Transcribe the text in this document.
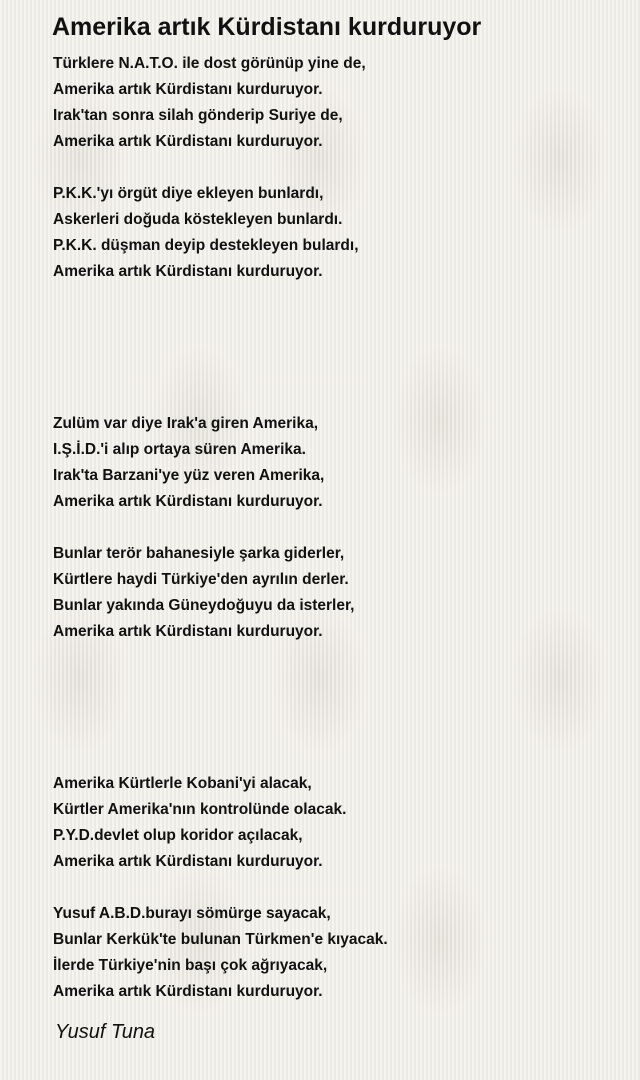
Amerika artık Kürdistanı kurduruyor
Türklere N.A.T.O. ile dost görünüp yine de,
Amerika artık Kürdistanı kurduruyor.
Irak'tan sonra silah gönderip Suriye de,
Amerika artık Kürdistanı kurduruyor.
P.K.K.'yı örgüt diye ekleyen bunlardı,
Askerleri doğuda köstekleyen bunlardı.
P.K.K. düşman deyip destekleyen bulardı,
Amerika artık Kürdistanı kurduruyor.
Zulüm var diye Irak'a giren Amerika,
I.Ş.İ.D.'i alıp ortaya süren Amerika.
Irak'ta Barzani'ye yüz veren Amerika,
Amerika artık Kürdistanı kurduruyor.
Bunlar terör bahanesiyle şarka giderler,
Kürtlere haydi Türkiye'den ayrılın derler.
Bunlar yakında Güneydoğuyu da isterler,
Amerika artık Kürdistanı kurduruyor.
Amerika Kürtlerle Kobani'yi alacak,
Kürtler Amerika'nın kontrolünde olacak.
P.Y.D.devlet olup koridor açılacak,
Amerika artık Kürdistanı kurduruyor.
Yusuf A.B.D.burayı sömürge sayacak,
Bunlar Kerkük'te bulunan Türkmen'e kıyacak.
İlerde Türkiye'nin başı çok ağrıyacak,
Amerika artık Kürdistanı kurduruyor.
Yusuf Tuna
